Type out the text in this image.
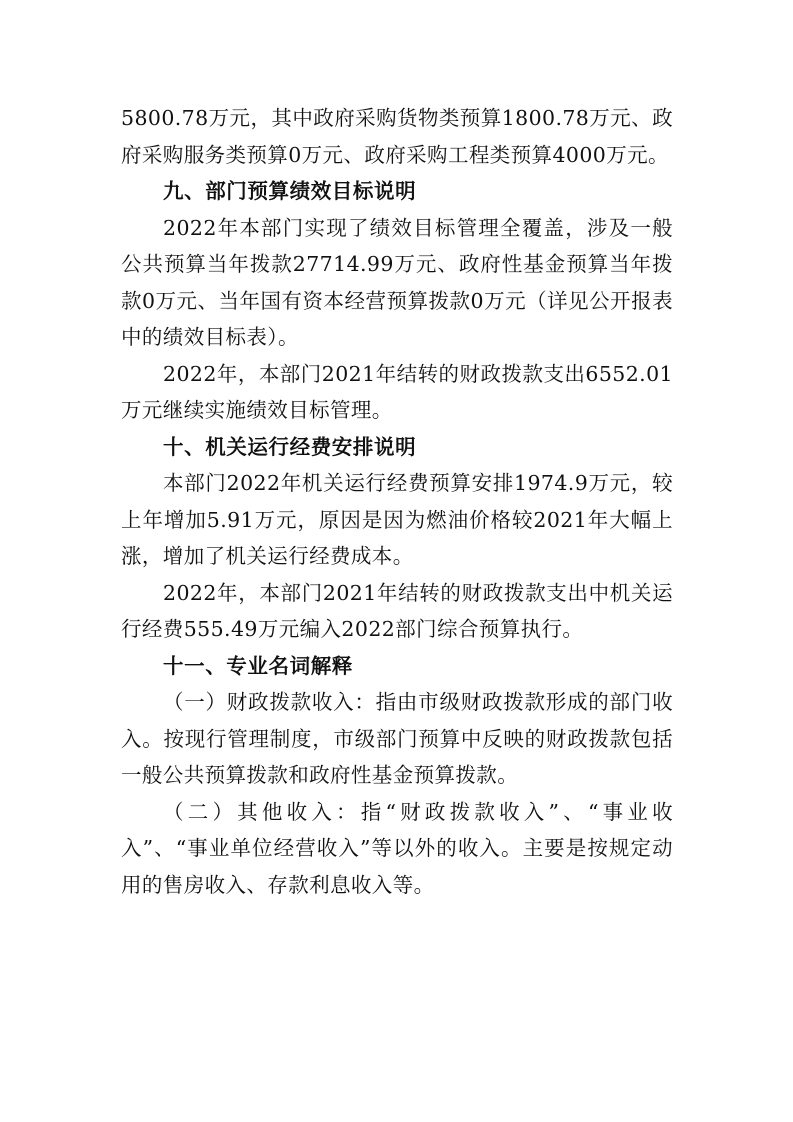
5800.78万元，其中政府采购货物类预算1800.78万元、政府采购服务类预算0万元、政府采购工程类预算4000万元。

九、部门预算绩效目标说明

2022年本部门实现了绩效目标管理全覆盖，涉及一般公共预算当年拨款27714.99万元、政府性基金预算当年拨款0万元、当年国有资本经营预算拨款0万元（详见公开报表中的绩效目标表）。

2022年，本部门2021年结转的财政拨款支出6552.01万元继续实施绩效目标管理。

十、机关运行经费安排说明

本部门2022年机关运行经费预算安排1974.9万元，较上年增加5.91万元，原因是因为燃油价格较2021年大幅上涨，增加了机关运行经费成本。

2022年，本部门2021年结转的财政拨款支出中机关运行经费555.49万元编入2022部门综合预算执行。

十一、专业名词解释

（一）财政拨款收入：指由市级财政拨款形成的部门收入。按现行管理制度，市级部门预算中反映的财政拨款包括一般公共预算拨款和政府性基金预算拨款。

（二）其他收入：指“财政拨款收入”、“事业收入”、“事业单位经营收入”等以外的收入。主要是按规定动用的售房收入、存款利息收入等。
